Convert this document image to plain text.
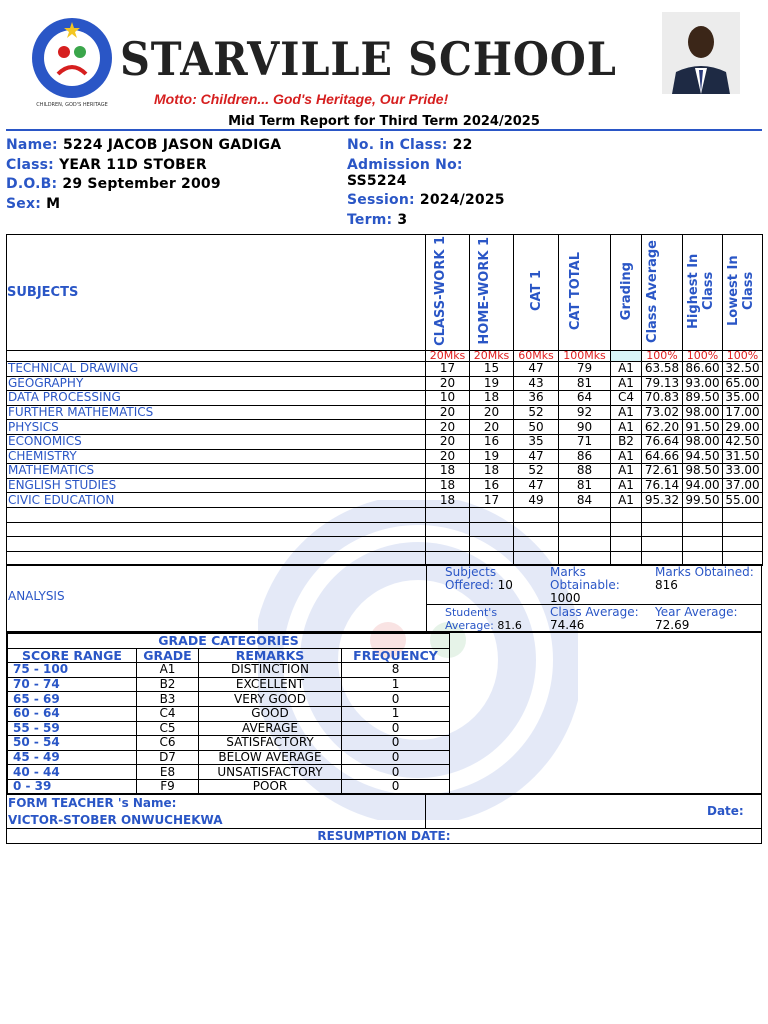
CHILDREN, GOD'S HERITAGE
STARVILLE SCHOOL
Motto: Children... God's Heritage, Our Pride!
Mid Term Report for Third Term 2024/2025
Name: 5224 JACOB JASON GADIGA
Class: YEAR 11D STOBER
D.O.B: 29 September 2009
Sex: M
No. in Class: 22
Admission No:
SS5224
Session: 2024/2025
Term: 3
SUBJECTS	CLASS-WORK 1	HOME-WORK 1	CAT 1	CAT TOTAL	Grading	Class Average	Highest In Class	Lowest In Class
	20Mks	20Mks	60Mks	100Mks		100%	100%	100%
TECHNICAL DRAWING	17	15	47	79	A1	63.58	86.60	32.50
GEOGRAPHY	20	19	43	81	A1	79.13	93.00	65.00
DATA PROCESSING	10	18	36	64	C4	70.83	89.50	35.00
FURTHER MATHEMATICS	20	20	52	92	A1	73.02	98.00	17.00
PHYSICS	20	20	50	90	A1	62.20	91.50	29.00
ECONOMICS	20	16	35	71	B2	76.64	98.00	42.50
CHEMISTRY	20	19	47	86	A1	64.66	94.50	31.50
MATHEMATICS	18	18	52	88	A1	72.61	98.50	33.00
ENGLISH STUDIES	18	16	47	81	A1	76.14	94.00	37.00
CIVIC EDUCATION	18	17	49	84	A1	95.32	99.50	55.00

ANALYSIS
Subjects Offered: 10
Marks Obtainable: 1000
Marks Obtained: 816
Student's Average: 81.6
Class Average:
74.46
Year Average:
72.69
GRADE CATEGORIES			
SCORE RANGE	GRADE	REMARKS	FREQUENCY
75 - 100	A1	DISTINCTION	8
70 - 74	B2	EXCELLENT	1
65 - 69	B3	VERY GOOD	0
60 - 64	C4	GOOD	1
55 - 59	C5	AVERAGE	0
50 - 54	C6	SATISFACTORY	0
45 - 49	D7	BELOW AVERAGE	0
40 - 44	E8	UNSATISFACTORY	0
0 - 39	F9	POOR	0
FORM TEACHER 's Name:
VICTOR-STOBER ONWUCHEKWA
Date:
RESUMPTION DATE:
